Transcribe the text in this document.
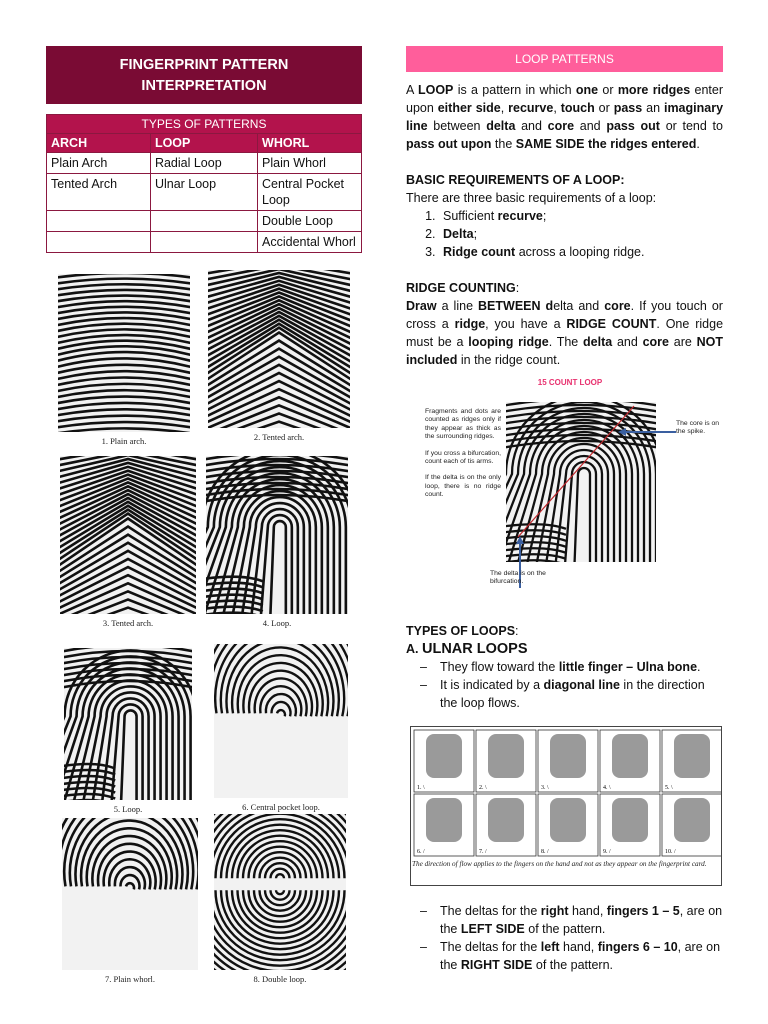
FINGERPRINT PATTERN
INTERPRETATION
TYPES OF PATTERNS		
ARCH	LOOP	WHORL
Plain Arch	Radial Loop	Plain Whorl
Tented Arch	Ulnar Loop	Central Pocket Loop
		Double Loop
		Accidental Whorl
1. Plain arch.	2. Tented arch.
3. Tented arch.	4. Loop.
5. Loop.	6. Central pocket loop.
7. Plain whorl.	8. Double loop.
LOOP PATTERNS

A LOOP is a pattern in which one or more ridges enter upon either side, recurve, touch or pass an imaginary line between delta and core and pass out or tend to pass out upon the SAME SIDE the ridges entered.

BASIC REQUIREMENTS OF A LOOP:
There are three basic requirements of a loop:
1. Sufficient recurve;
2. Delta;
3. Ridge count across a looping ridge.
RIDGE COUNTING:

Draw a line BETWEEN delta and core. If you touch or cross a ridge, you have a RIDGE COUNT. One ridge must be a looping ridge. The delta and core are NOT included in the ridge count.

15 COUNT LOOP
Fragments and dots are counted as ridges only if they appear as thick as the surrounding ridges.
If you cross a bifurcation, count each of tis arms.
If the delta is on the only loop, there is no ridge count.
The core is on the spike.
The delta is on the bifurcation.
TYPES OF LOOPS:
A. ULNAR LOOPS
– They flow toward the little finger – Ulna bone.
– It is indicated by a diagonal line in the direction the loop flows.
1. \	2. \	3. \	4. \	5. \
6. /	7. /	8. /	9. /	10. /
The direction of flow applies to the fingers on the hand and not as they appear on the fingerprint card.
– The deltas for the right hand, fingers 1 – 5, are on the LEFT SIDE of the pattern.
– The deltas for the left hand, fingers 6 – 10, are on the RIGHT SIDE of the pattern.
